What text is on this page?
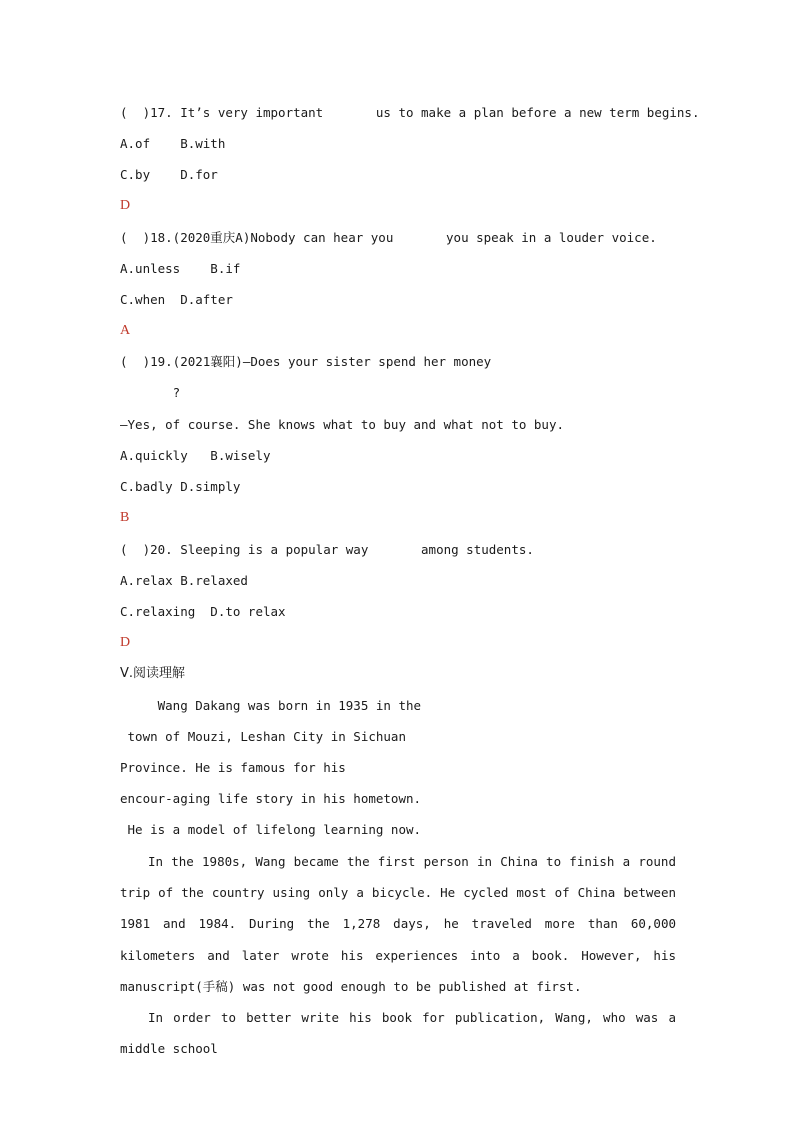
(  )17. It’s very important       us to make a plan before a new term begins.
A.of    B.with
C.by    D.for
D
(  )18.(2020重庆A)Nobody can hear you       you speak in a louder voice.
A.unless    B.if
C.when  D.after
A
(  )19.(2021襄阳)—Does your sister spend her money
?
—Yes, of course. She knows what to buy and what not to buy.
A.quickly   B.wisely
C.badly D.simply
B
(  )20. Sleeping is a popular way       among students.
A.relax B.relaxed
C.relaxing  D.to relax
D
Ⅴ.阅读理解
Wang Dakang was born in 1935 in the
town of Mouzi, Leshan City in Sichuan
Province. He is famous for his
encour-aging life story in his hometown.
He is a model of lifelong learning now.

In the 1980s, Wang became the first person in China to finish a round trip of the country using only a bicycle. He cycled most of China between 1981 and 1984. During the 1,278 days, he traveled more than 60,000 kilometers and later wrote his experiences into a book. However, his manuscript(手稿) was not good enough to be published at first.

In order to better write his book for publication, Wang, who was a middle school
